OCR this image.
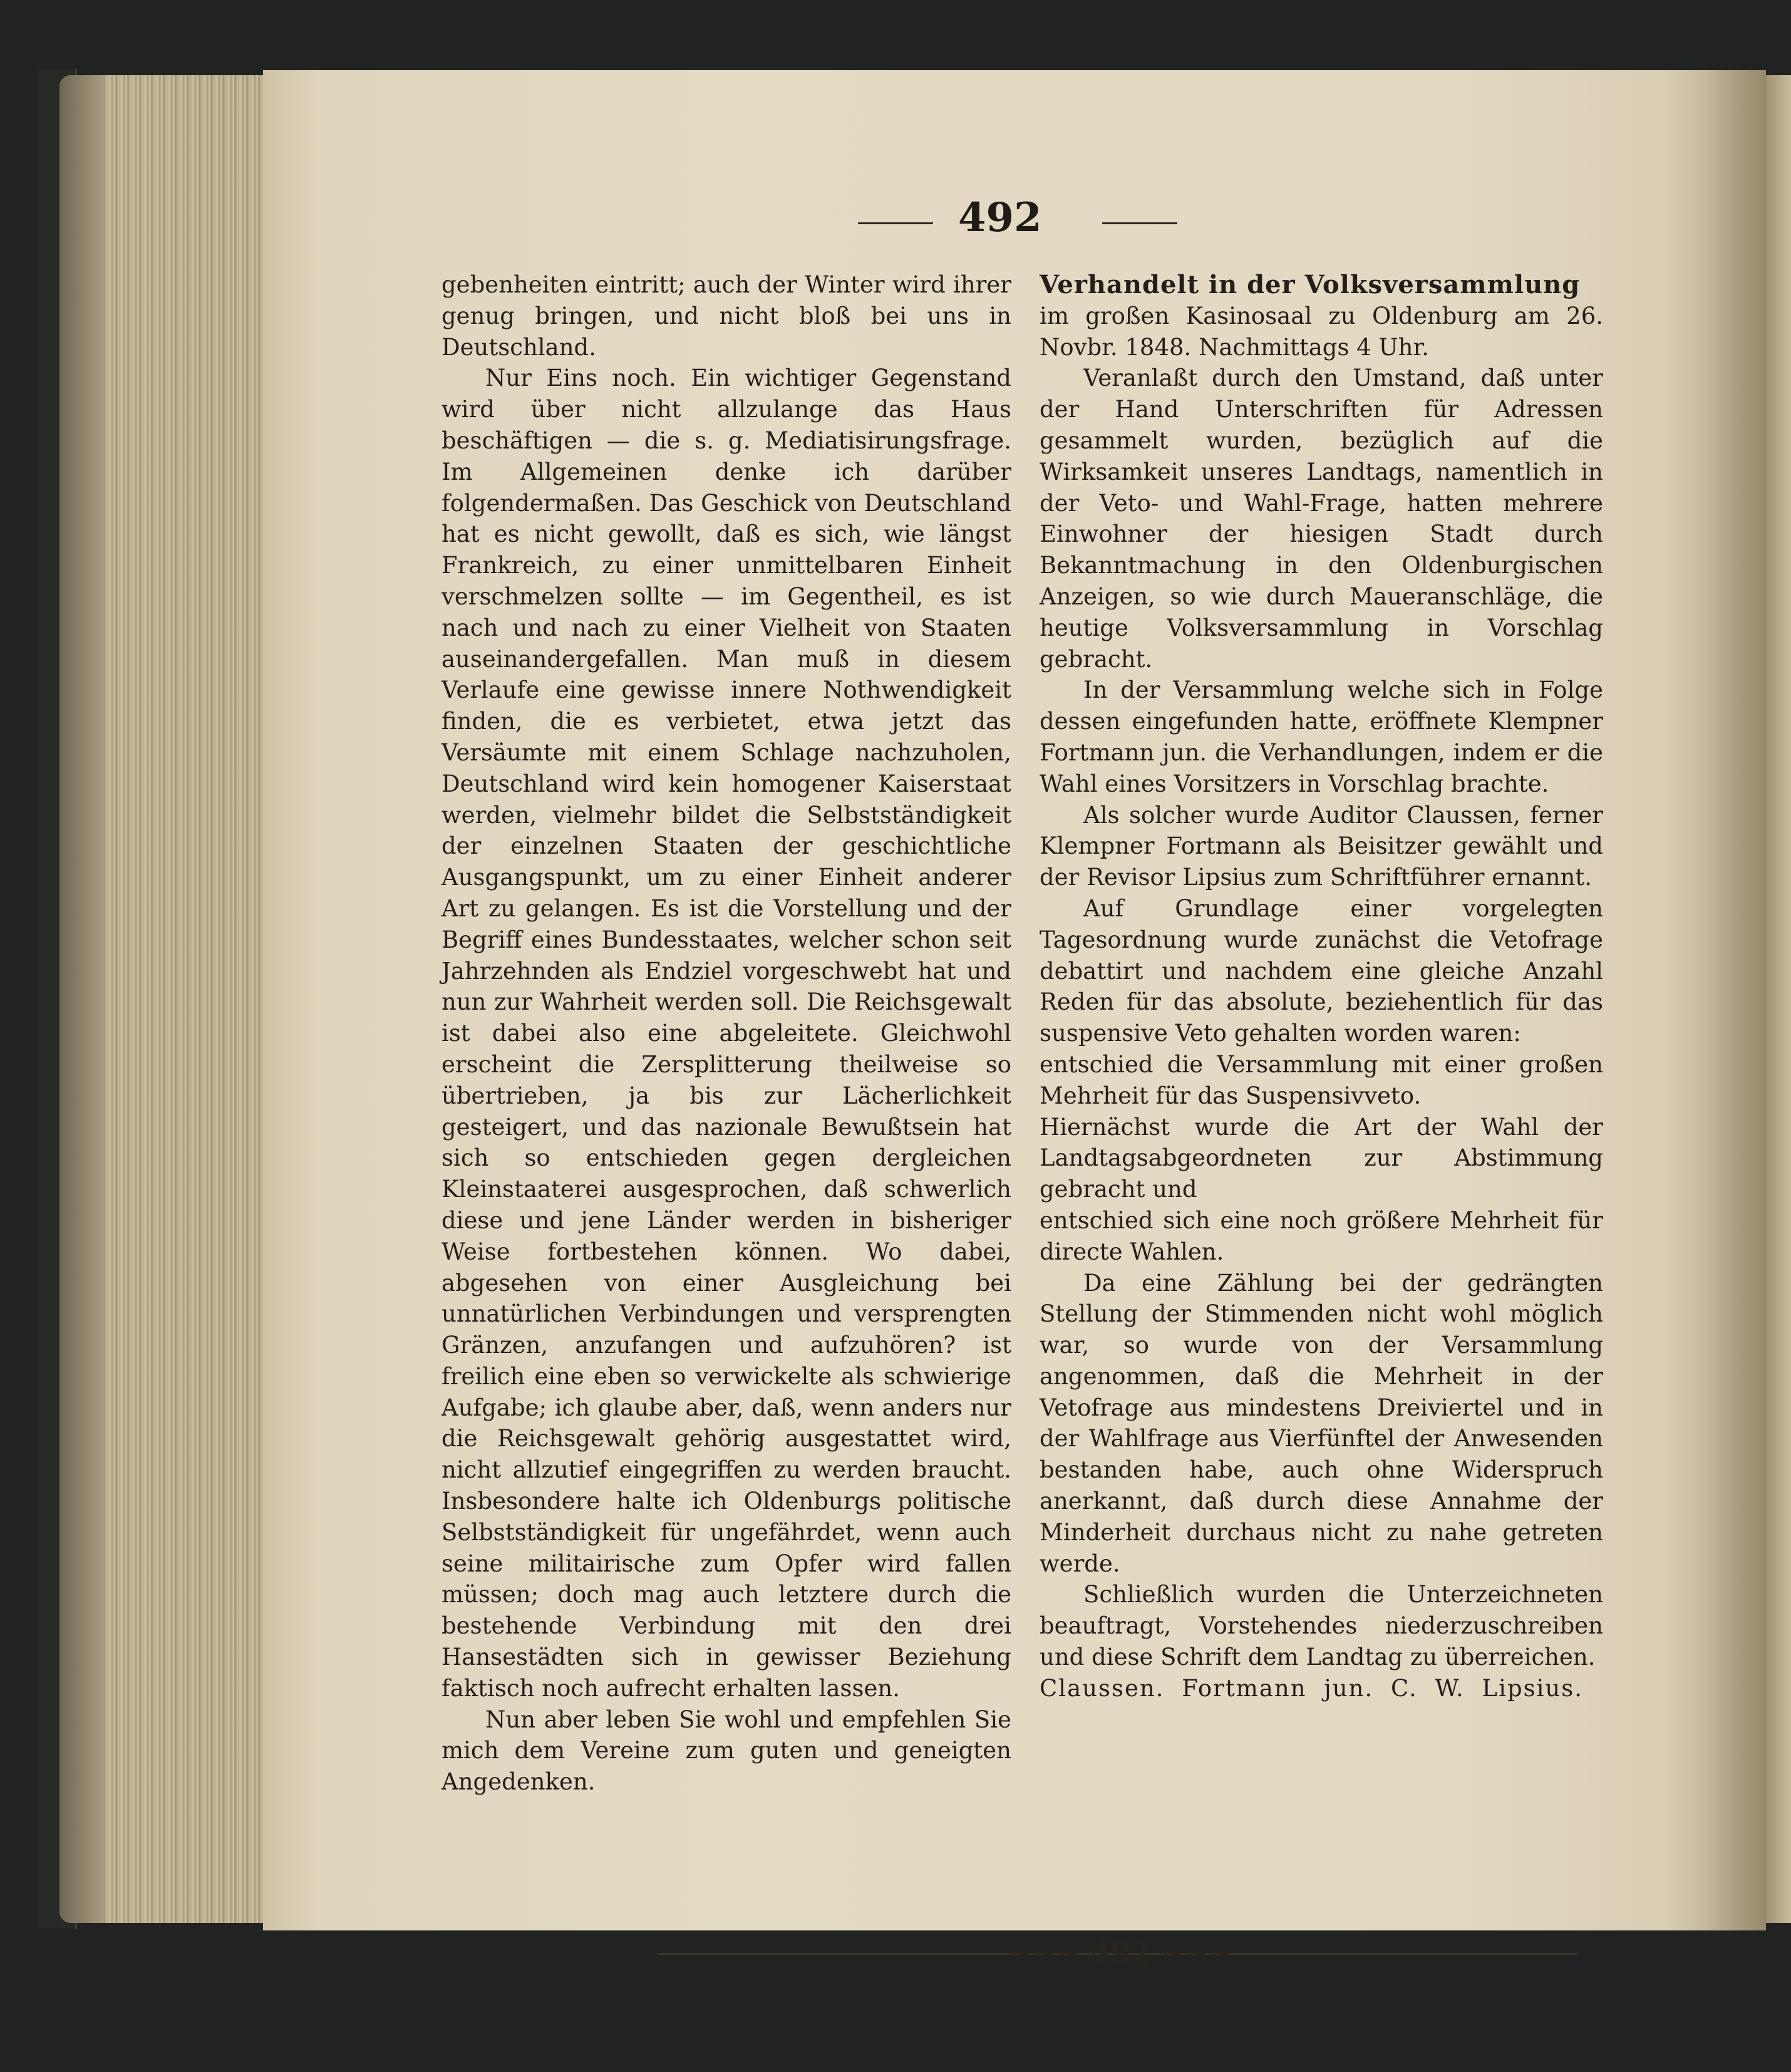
492

gebenheiten eintritt; auch der Winter wird ihrer genug bringen, und nicht bloß bei uns in Deutschland.

Nur Eins noch. Ein wichtiger Gegenstand wird über nicht allzulange das Haus beschäftigen — die s. g. Mediatisirungsfrage. Im Allgemeinen denke ich darüber folgendermaßen. Das Geschick von Deutschland hat es nicht gewollt, daß es sich, wie längst Frankreich, zu einer unmittelbaren Einheit verschmelzen sollte — im Gegentheil, es ist nach und nach zu einer Vielheit von Staaten auseinandergefallen. Man muß in diesem Verlaufe eine gewisse innere Nothwendigkeit finden, die es verbietet, etwa jetzt das Versäumte mit einem Schlage nachzuholen, Deutschland wird kein homogener Kaiserstaat werden, vielmehr bildet die Selbstständigkeit der einzelnen Staaten der geschichtliche Ausgangspunkt, um zu einer Einheit anderer Art zu gelangen. Es ist die Vorstellung und der Begriff eines Bundesstaates, welcher schon seit Jahrzehnden als Endziel vorgeschwebt hat und nun zur Wahrheit werden soll. Die Reichsgewalt ist dabei also eine abgeleitete. Gleichwohl erscheint die Zersplitterung theilweise so übertrieben, ja bis zur Lächerlichkeit gesteigert, und das nazionale Bewußtsein hat sich so entschieden gegen dergleichen Kleinstaaterei ausgesprochen, daß schwerlich diese und jene Länder werden in bisheriger Weise fortbestehen können. Wo dabei, abgesehen von einer Ausgleichung bei unnatürlichen Verbindungen und versprengten Gränzen, anzufangen und aufzuhören? ist freilich eine eben so verwickelte als schwierige Aufgabe; ich glaube aber, daß, wenn anders nur die Reichsgewalt gehörig ausgestattet wird, nicht allzutief eingegriffen zu werden braucht. Insbesondere halte ich Oldenburgs politische Selbstständigkeit für ungefährdet, wenn auch seine militairische zum Opfer wird fallen müssen; doch mag auch letztere durch die bestehende Verbindung mit den drei Hansestädten sich in gewisser Beziehung faktisch noch aufrecht erhalten lassen.

Nun aber leben Sie wohl und empfehlen Sie mich dem Vereine zum guten und geneigten Angedenken.

Verhandelt in der Volksversammlung

im großen Kasinosaal zu Oldenburg am 26. Novbr. 1848. Nachmittags 4 Uhr.

Veranlaßt durch den Umstand, daß unter der Hand Unterschriften für Adressen gesammelt wurden, bezüglich auf die Wirksamkeit unseres Landtags, namentlich in der Veto- und Wahl-Frage, hatten mehrere Einwohner der hiesigen Stadt durch Bekanntmachung in den Oldenburgischen Anzeigen, so wie durch Maueranschläge, die heutige Volksversammlung in Vorschlag gebracht.

In der Versammlung welche sich in Folge dessen eingefunden hatte, eröffnete Klempner Fortmann jun. die Verhandlungen, indem er die Wahl eines Vorsitzers in Vorschlag brachte.

Als solcher wurde Auditor Claussen, ferner Klempner Fortmann als Beisitzer gewählt und der Revisor Lipsius zum Schriftführer ernannt.

Auf Grundlage einer vorgelegten Tagesordnung wurde zunächst die Vetofrage debattirt und nachdem eine gleiche Anzahl Reden für das absolute, beziehentlich für das suspensive Veto gehalten worden waren:

entschied die Versammlung mit einer großen Mehrheit für das Suspensivveto.

Hiernächst wurde die Art der Wahl der Landtagsabgeordneten zur Abstimmung gebracht und

entschied sich eine noch größere Mehrheit für directe Wahlen.

Da eine Zählung bei der gedrängten Stellung der Stimmenden nicht wohl möglich war, so wurde von der Versammlung angenommen, daß die Mehrheit in der Vetofrage aus mindestens Dreiviertel und in der Wahlfrage aus Vierfünftel der Anwesenden bestanden habe, auch ohne Widerspruch anerkannt, daß durch diese Annahme der Minderheit durchaus nicht zu nahe getreten werde.

Schließlich wurden die Unterzeichneten beauftragt, Vorstehendes niederzuschreiben und diese Schrift dem Landtag zu überreichen.

Claussen. Fortmann jun. C. W. Lipsius.

~~~ 492 ~~~
